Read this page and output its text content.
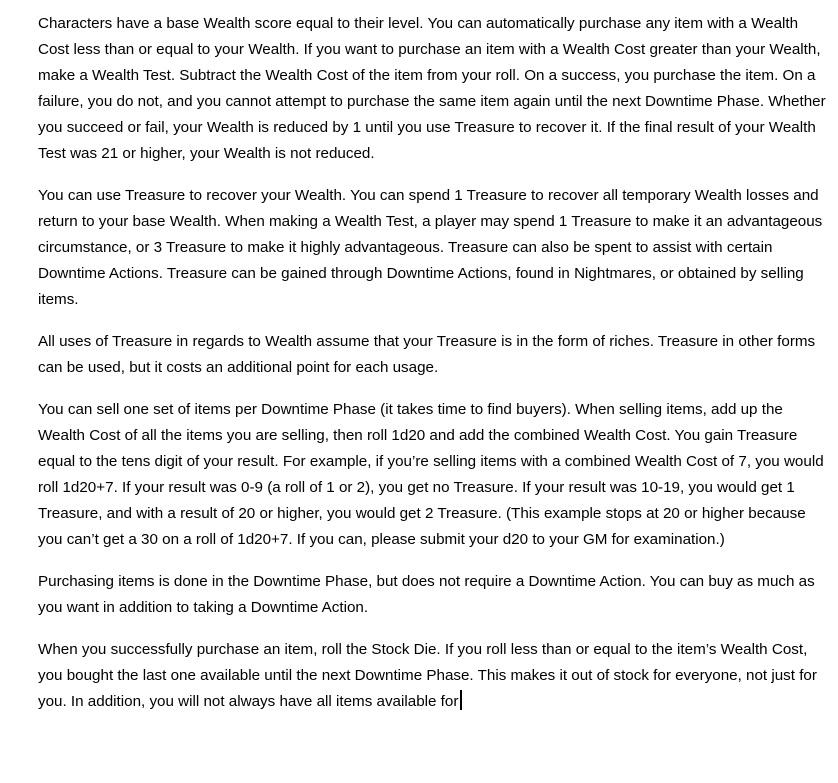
Characters have a base Wealth score equal to their level. You can automatically purchase any item with a Wealth Cost less than or equal to your Wealth. If you want to purchase an item with a Wealth Cost greater than your Wealth, make a Wealth Test. Subtract the Wealth Cost of the item from your roll. On a success, you purchase the item. On a failure, you do not, and you cannot attempt to purchase the same item again until the next Downtime Phase. Whether you succeed or fail, your Wealth is reduced by 1 until you use Treasure to recover it. If the final result of your Wealth Test was 21 or higher, your Wealth is not reduced.

You can use Treasure to recover your Wealth. You can spend 1 Treasure to recover all temporary Wealth losses and return to your base Wealth. When making a Wealth Test, a player may spend 1 Treasure to make it an advantageous circumstance, or 3 Treasure to make it highly advantageous. Treasure can also be spent to assist with certain Downtime Actions. Treasure can be gained through Downtime Actions, found in Nightmares, or obtained by selling items.

All uses of Treasure in regards to Wealth assume that your Treasure is in the form of riches. Treasure in other forms can be used, but it costs an additional point for each usage.

You can sell one set of items per Downtime Phase (it takes time to find buyers). When selling items, add up the Wealth Cost of all the items you are selling, then roll 1d20 and add the combined Wealth Cost. You gain Treasure equal to the tens digit of your result. For example, if you’re selling items with a combined Wealth Cost of 7, you would roll 1d20+7. If your result was 0-9 (a roll of 1 or 2), you get no Treasure. If your result was 10-19, you would get 1 Treasure, and with a result of 20 or higher, you would get 2 Treasure. (This example stops at 20 or higher because you can’t get a 30 on a roll of 1d20+7. If you can, please submit your d20 to your GM for examination.)

Purchasing items is done in the Downtime Phase, but does not require a Downtime Action. You can buy as much as you want in addition to taking a Downtime Action.

When you successfully purchase an item, roll the Stock Die. If you roll less than or equal to the item’s Wealth Cost, you bought the last one available until the next Downtime Phase. This makes it out of stock for everyone, not just for you. In addition, you will not always have all items available for
